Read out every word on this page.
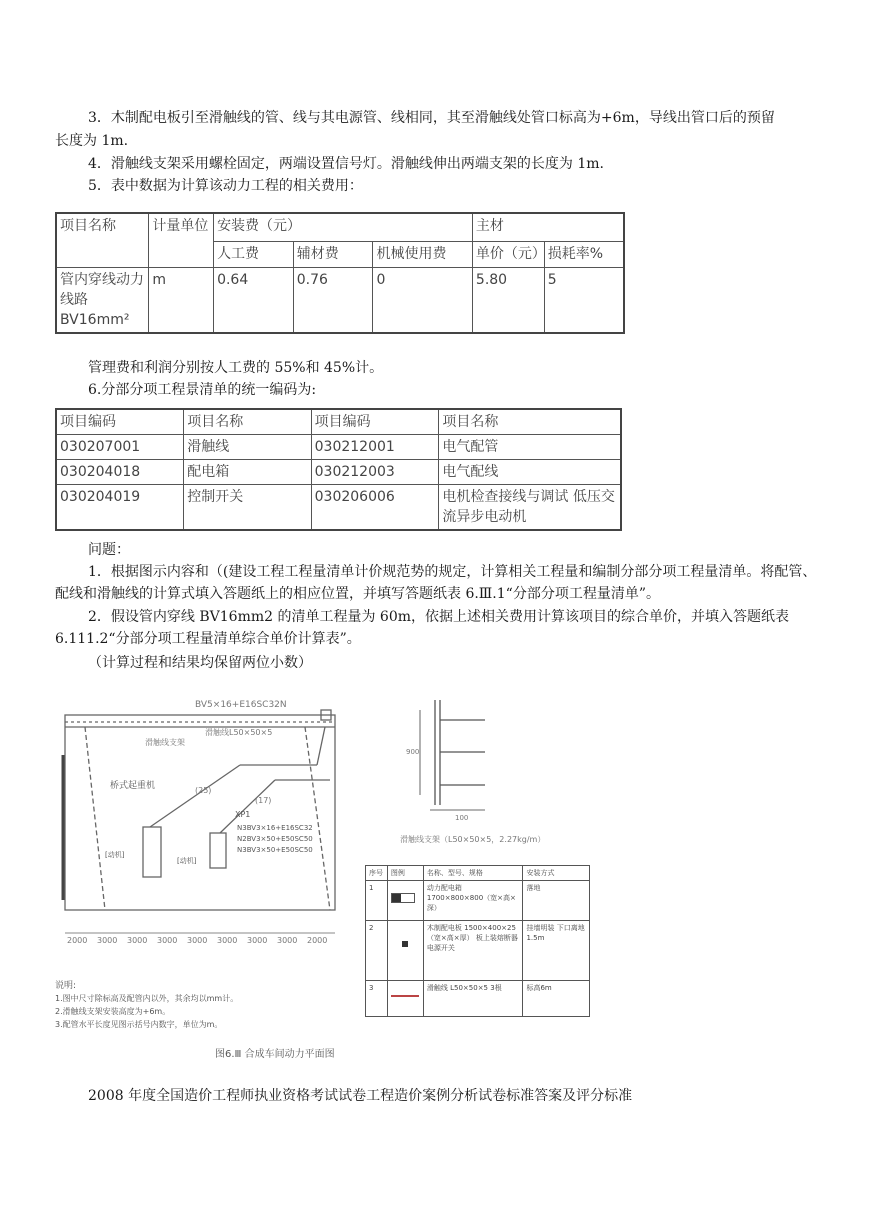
3．木制配电板引至滑触线的管、线与其电源管、线相同，其至滑触线处管口标高为+6m，导线出管口后的预留
长度为 1m.
4．滑触线支架采用螺栓固定，两端设置信号灯。滑触线伸出两端支架的长度为 1m.
5．表中数据为计算该动力工程的相关费用：
项目名称	计量单位	安装费（元）			主材	
		人工费	辅材费	机械使用费	单价（元）	损耗率%
管内穿线动力线路 BV16mm²	m	0.64	0.76	0	5.80	5
管理费和利润分别按人工费的 55%和 45%计。
6.分部分项工程景清单的统一编码为:
项目编码	项目名称	项目编码	项目名称
030207001	滑触线	030212001	电气配管
030204018	配电箱	030212003	电气配线
030204019	控制开关	030206006	电机检查接线与调试 低压交流异步电动机
问题：
1．根据图示内容和（(建设工程工程量清单计价规范势的规定，计算相关工程量和编制分部分项工程量清单。将配管、配线和滑触线的计算式填入答题纸上的相应位置，并填写答题纸表 6.Ⅲ.1“分部分项工程量清单”。
2．假设管内穿线 BV16mm2 的清单工程量为 60m，依据上述相关费用计算该项目的综合单价，并填入答题纸表 6.111.2“分部分项工程量清单综合单价计算表”。
（计算过程和结果均保留两位小数）
BV5×16+E16SC32N
滑触线支架
滑触线L50×50×5
桥式起重机	(25)
(17)
XP1
N3BV3×16+E16SC32
N2BV3×50+E50SC50
N3BV3×50+E50SC50
[动机]
[动机]
2000 3000 3000 3000 3000 3000 3000 3000 2000
说明:
1.图中尺寸除标高及配管内以外，其余均以mm计。
2.滑触线支架安装高度为+6m。
3.配管水平长度见图示括号内数字，单位为m。
图6.Ⅲ 合成车间动力平面图
900
100
滑触线支架（L50×50×5，2.27kg/m）
序号	图例	名称、型号、规格	安装方式
1		动力配电箱 1700×800×800（宽×高×深）	落地
2		木制配电板 1500×400×25（宽×高×厚） 板上装熔断器 电源开关	挂墙明装 下口离地 1.5m
3		滑触线 L50×50×5 3根	标高6m
2008 年度全国造价工程师执业资格考试试卷工程造价案例分析试卷标准答案及评分标准
